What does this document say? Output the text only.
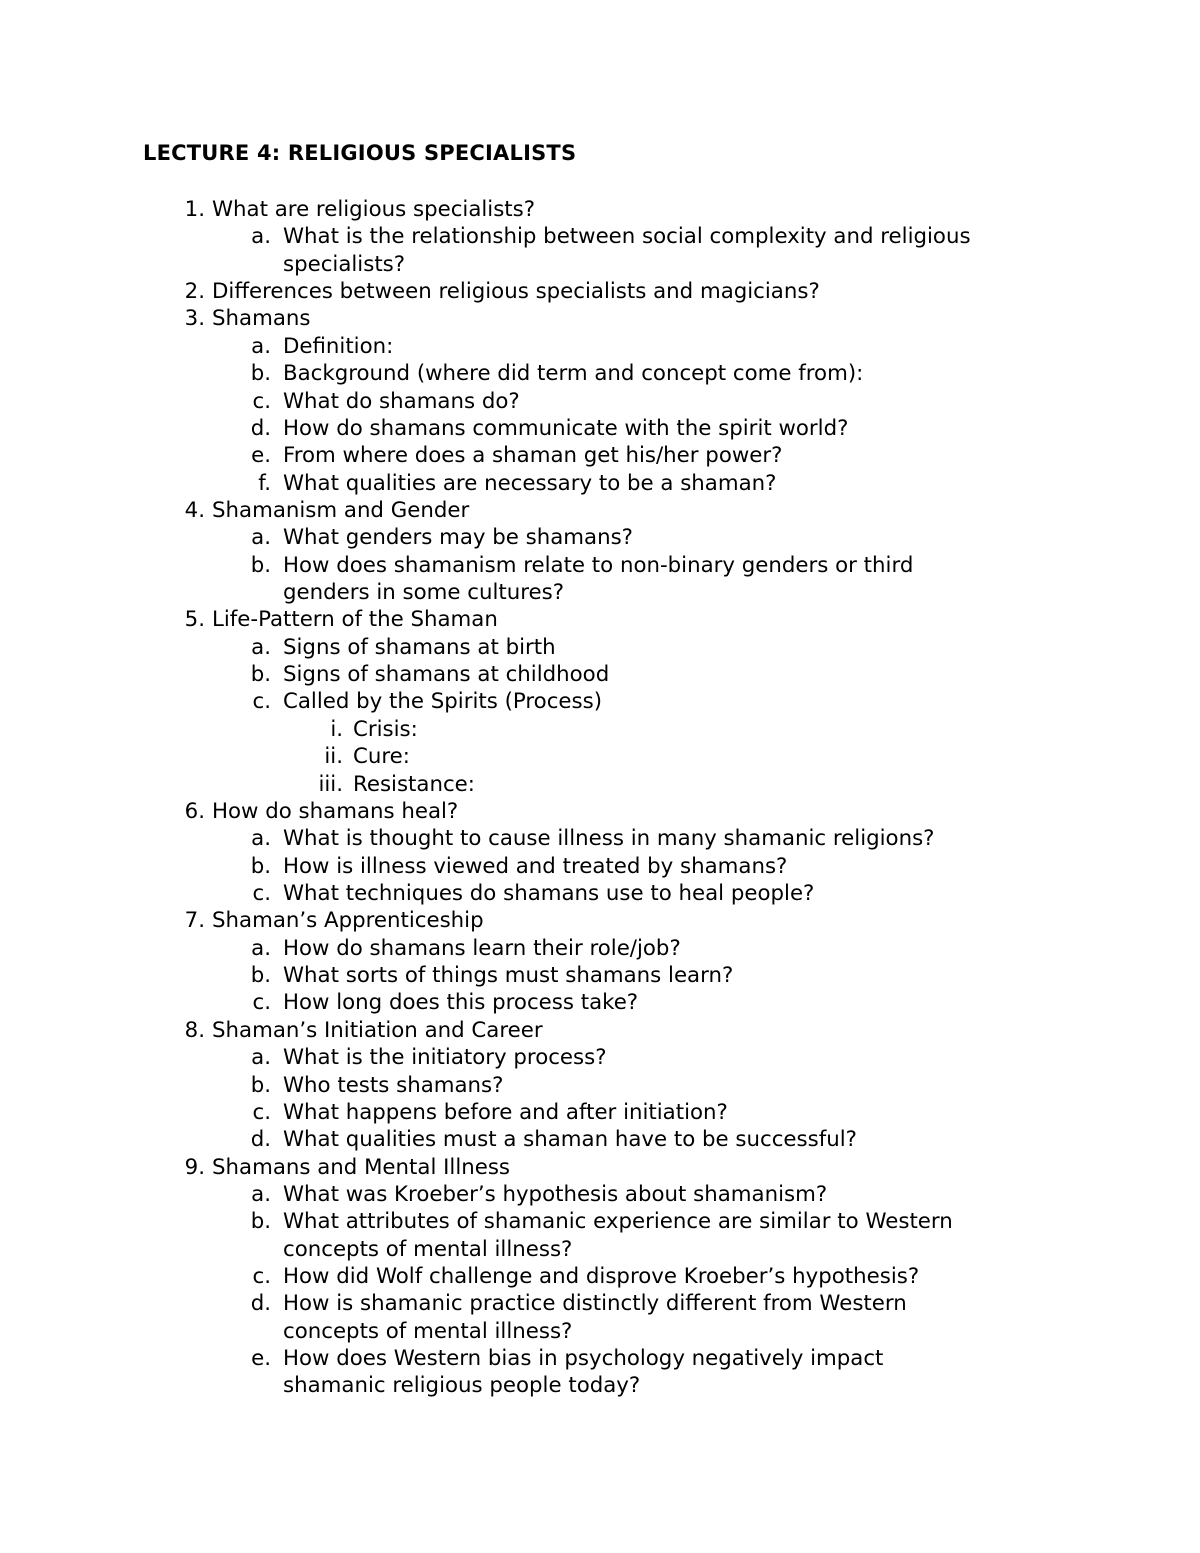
LECTURE 4: RELIGIOUS SPECIALISTS
1. What are religious specialists?
a. What is the relationship between social complexity and religious
specialists?
2. Differences between religious specialists and magicians?
3. Shamans
a. Definition:
b. Background (where did term and concept come from):
c. What do shamans do?
d. How do shamans communicate with the spirit world?
e. From where does a shaman get his/her power?
f. What qualities are necessary to be a shaman?
4. Shamanism and Gender
a. What genders may be shamans?
b. How does shamanism relate to non-binary genders or third
genders in some cultures?
5. Life-Pattern of the Shaman
a. Signs of shamans at birth
b. Signs of shamans at childhood
c. Called by the Spirits (Process)
i. Crisis:
ii. Cure:
iii. Resistance:
6. How do shamans heal?
a. What is thought to cause illness in many shamanic religions?
b. How is illness viewed and treated by shamans?
c. What techniques do shamans use to heal people?
7. Shaman’s Apprenticeship
a. How do shamans learn their role/job?
b. What sorts of things must shamans learn?
c. How long does this process take?
8. Shaman’s Initiation and Career
a. What is the initiatory process?
b. Who tests shamans?
c. What happens before and after initiation?
d. What qualities must a shaman have to be successful?
9. Shamans and Mental Illness
a. What was Kroeber’s hypothesis about shamanism?
b. What attributes of shamanic experience are similar to Western
concepts of mental illness?
c. How did Wolf challenge and disprove Kroeber’s hypothesis?
d. How is shamanic practice distinctly different from Western
concepts of mental illness?
e. How does Western bias in psychology negatively impact
shamanic religious people today?
